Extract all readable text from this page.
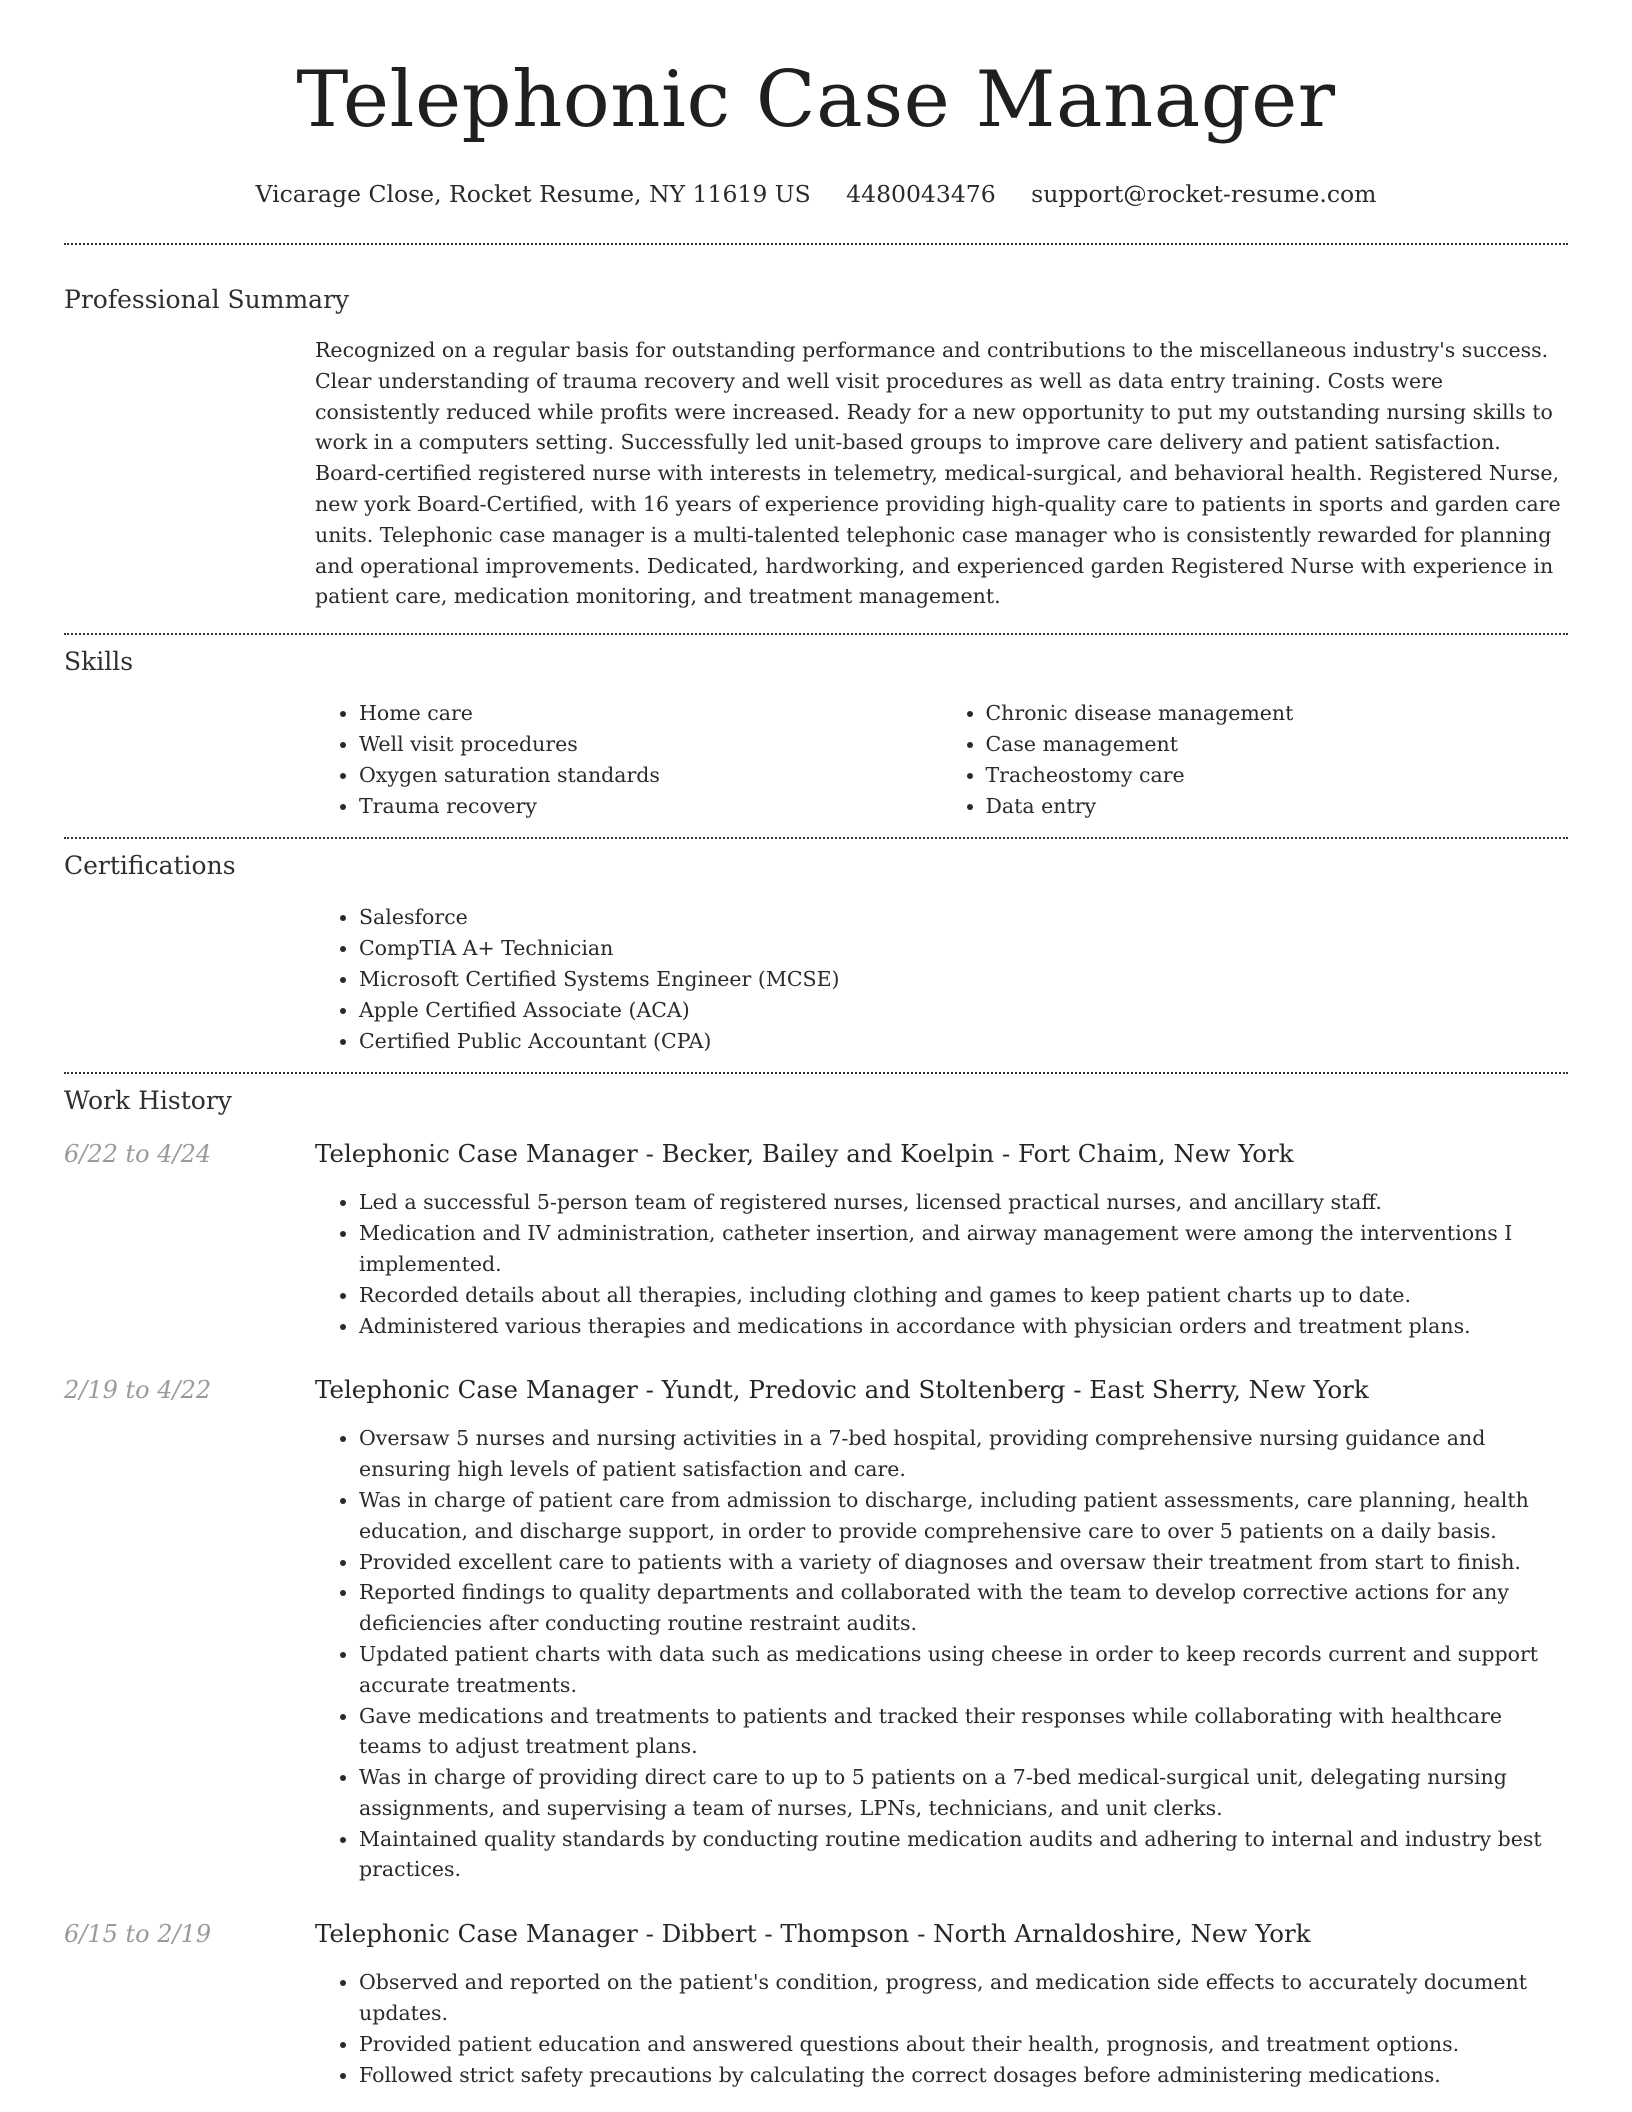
Telephonic Case Manager
Vicarage Close, Rocket Resume, NY 11619 US 4480043476 support@rocket-resume.com
Professional Summary
Recognized on a regular basis for outstanding performance and contributions to the miscellaneous industry's success. Clear understanding of trauma recovery and well visit procedures as well as data entry training. Costs were consistently reduced while profits were increased. Ready for a new opportunity to put my outstanding nursing skills to work in a computers setting. Successfully led unit-based groups to improve care delivery and patient satisfaction. Board-certified registered nurse with interests in telemetry, medical-surgical, and behavioral health. Registered Nurse, new york Board-Certified, with 16 years of experience providing high-quality care to patients in sports and garden care units. Telephonic case manager is a multi-talented telephonic case manager who is consistently rewarded for planning and operational improvements. Dedicated, hardworking, and experienced garden Registered Nurse with experience in patient care, medication monitoring, and treatment management.
Skills
• Home care
• Well visit procedures
• Oxygen saturation standards
• Trauma recovery
• Chronic disease management
• Case management
• Tracheostomy care
• Data entry
Certifications
• Salesforce
• CompTIA A+ Technician
• Microsoft Certified Systems Engineer (MCSE)
• Apple Certified Associate (ACA)
• Certified Public Accountant (CPA)
Work History
6/22 to 4/24	Telephonic Case Manager - Becker, Bailey and Koelpin - Fort Chaim, New York
• Led a successful 5-person team of registered nurses, licensed practical nurses, and ancillary staff.
• Medication and IV administration, catheter insertion, and airway management were among the interventions I implemented.
• Recorded details about all therapies, including clothing and games to keep patient charts up to date.
• Administered various therapies and medications in accordance with physician orders and treatment plans.
2/19 to 4/22	Telephonic Case Manager - Yundt, Predovic and Stoltenberg - East Sherry, New York
• Oversaw 5 nurses and nursing activities in a 7-bed hospital, providing comprehensive nursing guidance and ensuring high levels of patient satisfaction and care.
• Was in charge of patient care from admission to discharge, including patient assessments, care planning, health education, and discharge support, in order to provide comprehensive care to over 5 patients on a daily basis.
• Provided excellent care to patients with a variety of diagnoses and oversaw their treatment from start to finish.
• Reported findings to quality departments and collaborated with the team to develop corrective actions for any deficiencies after conducting routine restraint audits.
• Updated patient charts with data such as medications using cheese in order to keep records current and support accurate treatments.
• Gave medications and treatments to patients and tracked their responses while collaborating with healthcare teams to adjust treatment plans.
• Was in charge of providing direct care to up to 5 patients on a 7-bed medical-surgical unit, delegating nursing assignments, and supervising a team of nurses, LPNs, technicians, and unit clerks.
• Maintained quality standards by conducting routine medication audits and adhering to internal and industry best practices.
6/15 to 2/19	Telephonic Case Manager - Dibbert - Thompson - North Arnaldoshire, New York
• Observed and reported on the patient's condition, progress, and medication side effects to accurately document updates.
• Provided patient education and answered questions about their health, prognosis, and treatment options.
• Followed strict safety precautions by calculating the correct dosages before administering medications.
